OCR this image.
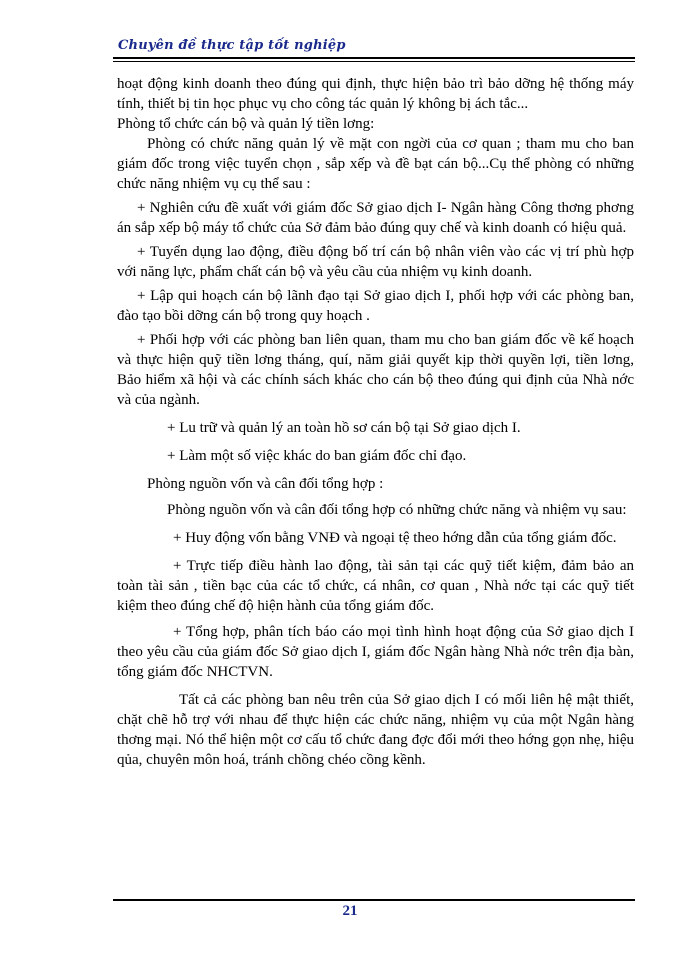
Chuyên đề thực tập tốt nghiệp

hoạt động kinh doanh theo đúng qui định, thực hiện bảo trì bảo dỡng hệ thống máy tính, thiết bị tin học phục vụ cho công tác quản lý không bị ách tắc...

Phòng tổ chức cán bộ và quản lý tiền lơng:

Phòng có chức năng quản lý về mặt con ngời của cơ quan ; tham mu cho ban giám đốc trong việc tuyển chọn , sắp xếp và đề bạt cán bộ...Cụ thể phòng có những chức năng nhiệm vụ cụ thể sau :

+ Nghiên cứu đề xuất với giám đốc Sở giao dịch I- Ngân hàng Công thơng phơng án sắp xếp bộ máy tổ chức của Sở đảm bảo đúng quy chế và kinh doanh có hiệu quả.

+ Tuyển dụng lao động, điều động bố trí cán bộ nhân viên vào các vị trí phù hợp với năng lực, phẩm chất cán bộ và yêu cầu của nhiệm vụ kinh doanh.

+ Lập qui hoạch cán bộ lãnh đạo tại Sở giao dịch I, phối hợp với các phòng ban, đào tạo bồi dỡng cán bộ trong quy hoạch .

+ Phối hợp với các phòng ban liên quan, tham mu cho ban giám đốc về kế hoạch và thực hiện quỹ tiền lơng tháng, quí, năm giải quyết kịp thời quyền lợi, tiền lơng, Bảo hiểm xã hội và các chính sách khác cho cán bộ theo đúng qui định của Nhà nớc và của ngành.

+ Lu trữ và quản lý an toàn hồ sơ cán bộ tại Sở giao dịch I.

+ Làm một số việc khác do ban giám đốc chỉ đạo.

Phòng nguồn vốn và cân đối tổng hợp :

Phòng nguồn vốn và cân đối tổng hợp có những chức năng và nhiệm vụ sau:

+ Huy động vốn bằng VNĐ và ngoại tệ theo hớng dẫn của tổng giám đốc.

+ Trực tiếp điều hành lao động, tài sản tại các quỹ tiết kiệm, đảm bảo an toàn tài sản , tiền bạc của các tổ chức, cá nhân, cơ quan , Nhà nớc tại các quỹ tiết kiệm theo đúng chế độ hiện hành của tổng giám đốc.

+ Tổng hợp, phân tích báo cáo mọi tình hình hoạt động của Sở giao dịch I theo yêu cầu của giám đốc Sở giao dịch I, giám đốc Ngân hàng Nhà nớc trên địa bàn, tổng giám đốc NHCTVN.

Tất cả các phòng ban nêu trên của Sở giao dịch I có mối liên hệ mật thiết, chặt chẽ hỗ trợ với nhau để thực hiện các chức năng, nhiệm vụ của một Ngân hàng thơng mại. Nó thể hiện một cơ cấu tổ chức đang đợc đổi mới theo hớng gọn nhẹ, hiệu qủa, chuyên môn hoá, tránh chồng chéo cồng kềnh.

21
